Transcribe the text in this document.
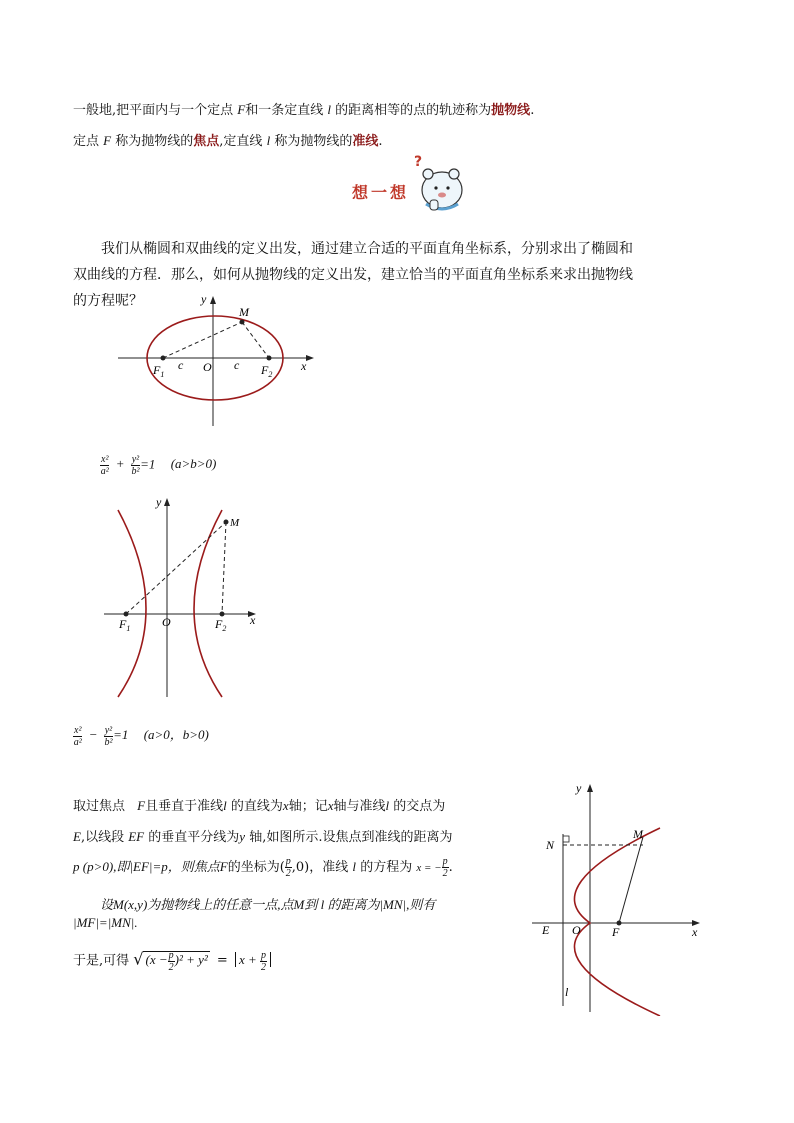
一般地,把平面内与一个定点 F和一条定直线 l 的距离相等的点的轨迹称为抛物线.
定点 F 称为抛物线的焦点,定直线 l 称为抛物线的准线.
想一想
?
我们从椭圆和双曲线的定义出发，通过建立合适的平面直角坐标系，分别求出了椭圆和双曲线的方程．那么，如何从抛物线的定义出发，建立恰当的平面直角坐标系来求出抛物线的方程呢？	y
x
M
O
c	c
$F_1$	$F_2$
$\frac{\text{x²}}{\text{a²}} + \frac{\text{y²}}{\text{b²}} =1$ (a>b>0)
y
x
M
O
$F_1$	$F_2$
$\frac{\text{x²}}{\text{a²}} - \frac{\text{y²}}{\text{b²}} =1$ (a>0，b>0)
取过焦点 F且垂直于准线l 的直线为x轴；记x轴与准线l 的交点为
E,以线段 EF 的垂直平分线为y 轴,如图所示.设焦点到准线的距离为
p (p>0),即|EF|=p，则焦点F的坐标为( $\frac{p}{2} ,0$)，准线 l 的方程为 x = − $\frac{p}{2}$ .
设M(x,y)为抛物线上的任意一点,点M到 l 的距离为|MN|,则有
|MF|=|MN|.
于是,可得 √ $(x - \frac{p}{2} )^2 + y^2 = x + \frac{p}{2}$
y
x
N
M
E O	F
l
